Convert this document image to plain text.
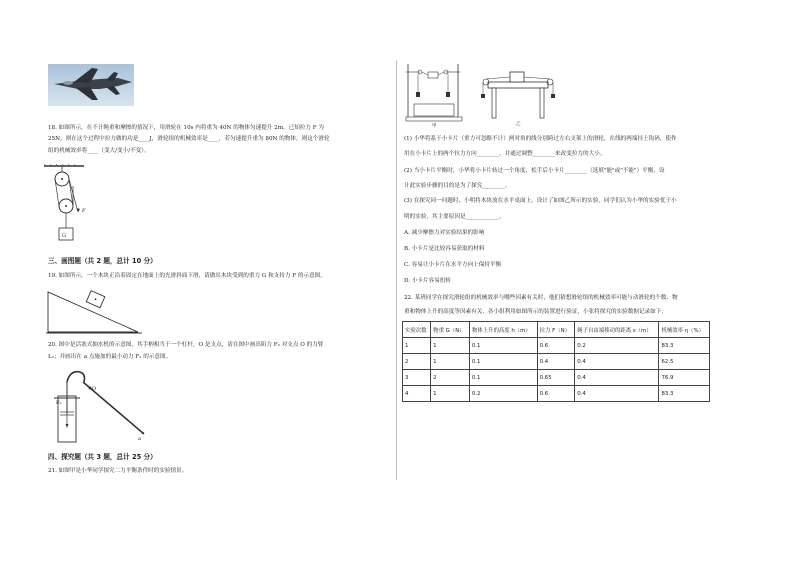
18. 如图所示，在不计绳重和摩擦的情况下，用滑轮在 10s 内将重为 40N 的物体匀速提升 2m，已知拉力 F 为
25N。则在这个过程中拉力做的功是____J，滑轮组的机械效率是____，若匀速提升重为 80N 的物体，则这个滑轮
组的机械效率将____（变大/变小/不变）。
F
G
三、画图题（共 2 题，总计 10 分）
19. 如图所示，一个木块正沿着固定在地面上的光滑斜面下滑，请做出木块受到的重力 G 和支持力 F 的示意图。
20. 图中是活塞式抽水机的示意图，其手柄相当于一个杠杆，O 是支点，请在图中画出阻力 F₂ 对支点 O 的力臂
L₂；并画出在 a 点施加的最小动力 F₁ 的示意图。
F₂
O
a
四、探究题（共 3 题，总计 25 分）
21. 如图甲是小华同学探究二力平衡条件时的实验情景。
甲	乙
(1) 小华将系于小卡片（重力可忽略不计）两对角的线分别跨过左右支架上的滑轮，在线的两端挂上钩码，使作
用在小卡片上的两个拉力方向________，并通过调整________来改变拉力的大小。
(2) 当小卡片平衡时，小华将小卡片转过一个角度，松手后小卡片________（选填"能"或"不能"）平衡，设
计此实验步骤的目的是为了探究________。
(3) 在探究同一问题时，小明将木块放在水平桌面上，设计了如图乙所示的实验，同学们认为小华的实验优于小
明的实验，其主要原因是____________。
A. 减少摩擦力对实验结果的影响
B. 小卡片是比较容易获取的材料
C. 容易让小卡片在水平方向上保持平衡
D. 小卡片容易扭转
22. 某班同学在探究滑轮组的机械效率与哪些因素有关时，他们猜想滑轮组的机械效率可能与动滑轮的个数、物
重和物体上升的高度等因素有关，各小组利用如图所示的装置进行验证，小张将探究的实验数据记录如下：
实验次数	物重 G（N）	物体上升的高度 h（m）	拉力 F（N）	绳子自由端移动的距离 s（m）	机械效率 η（%）
1	1	0.1	0.6	0.2	83.3
2	1	0.1	0.4	0.4	62.5
3	2	0.1	0.65	0.4	76.9
4	1	0.2	0.6	0.4	83.3
